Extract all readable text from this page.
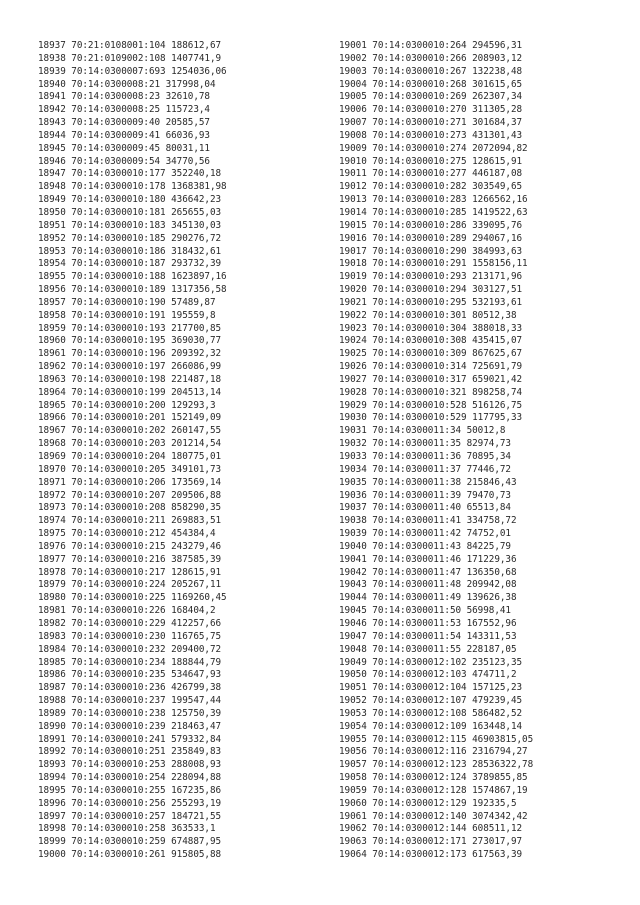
18937 70:21:0108001:104 188612,67
18938 70:21:0109002:108 1407741,9
18939 70:14:0300007:693 1254036,06
18940 70:14:0300008:21 317998,04
18941 70:14:0300008:23 32610,78
18942 70:14:0300008:25 115723,4
18943 70:14:0300009:40 20585,57
18944 70:14:0300009:41 66036,93
18945 70:14:0300009:45 80031,11
18946 70:14:0300009:54 34770,56
18947 70:14:0300010:177 352240,18
18948 70:14:0300010:178 1368381,98
18949 70:14:0300010:180 436642,23
18950 70:14:0300010:181 265655,03
18951 70:14:0300010:183 345130,03
18952 70:14:0300010:185 290276,72
18953 70:14:0300010:186 318432,61
18954 70:14:0300010:187 293732,39
18955 70:14:0300010:188 1623897,16
18956 70:14:0300010:189 1317356,58
18957 70:14:0300010:190 57489,87
18958 70:14:0300010:191 195559,8
18959 70:14:0300010:193 217700,85
18960 70:14:0300010:195 369030,77
18961 70:14:0300010:196 209392,32
18962 70:14:0300010:197 266086,99
18963 70:14:0300010:198 221487,18
18964 70:14:0300010:199 204513,14
18965 70:14:0300010:200 129293,3
18966 70:14:0300010:201 152149,09
18967 70:14:0300010:202 260147,55
18968 70:14:0300010:203 201214,54
18969 70:14:0300010:204 180775,01
18970 70:14:0300010:205 349101,73
18971 70:14:0300010:206 173569,14
18972 70:14:0300010:207 209506,88
18973 70:14:0300010:208 858290,35
18974 70:14:0300010:211 269883,51
18975 70:14:0300010:212 454384,4
18976 70:14:0300010:215 243279,46
18977 70:14:0300010:216 387585,39
18978 70:14:0300010:217 128615,91
18979 70:14:0300010:224 205267,11
18980 70:14:0300010:225 1169260,45
18981 70:14:0300010:226 168404,2
18982 70:14:0300010:229 412257,66
18983 70:14:0300010:230 116765,75
18984 70:14:0300010:232 209400,72
18985 70:14:0300010:234 188844,79
18986 70:14:0300010:235 534647,93
18987 70:14:0300010:236 426799,38
18988 70:14:0300010:237 199547,44
18989 70:14:0300010:238 125750,39
18990 70:14:0300010:239 218463,47
18991 70:14:0300010:241 579332,84
18992 70:14:0300010:251 235849,83
18993 70:14:0300010:253 288008,93
18994 70:14:0300010:254 228094,88
18995 70:14:0300010:255 167235,86
18996 70:14:0300010:256 255293,19
18997 70:14:0300010:257 184721,55
18998 70:14:0300010:258 363533,1
18999 70:14:0300010:259 674887,95
19000 70:14:0300010:261 915805,88
19001 70:14:0300010:264 294596,31
19002 70:14:0300010:266 208903,12
19003 70:14:0300010:267 132238,48
19004 70:14:0300010:268 301615,65
19005 70:14:0300010:269 262307,34
19006 70:14:0300010:270 311305,28
19007 70:14:0300010:271 301684,37
19008 70:14:0300010:273 431301,43
19009 70:14:0300010:274 2072094,82
19010 70:14:0300010:275 128615,91
19011 70:14:0300010:277 446187,08
19012 70:14:0300010:282 303549,65
19013 70:14:0300010:283 1266562,16
19014 70:14:0300010:285 1419522,63
19015 70:14:0300010:286 339095,76
19016 70:14:0300010:289 294067,16
19017 70:14:0300010:290 384993,63
19018 70:14:0300010:291 1558156,11
19019 70:14:0300010:293 213171,96
19020 70:14:0300010:294 303127,51
19021 70:14:0300010:295 532193,61
19022 70:14:0300010:301 80512,38
19023 70:14:0300010:304 388018,33
19024 70:14:0300010:308 435415,07
19025 70:14:0300010:309 867625,67
19026 70:14:0300010:314 725691,79
19027 70:14:0300010:317 659021,42
19028 70:14:0300010:321 898258,74
19029 70:14:0300010:528 516126,75
19030 70:14:0300010:529 117795,33
19031 70:14:0300011:34 50012,8
19032 70:14:0300011:35 82974,73
19033 70:14:0300011:36 70895,34
19034 70:14:0300011:37 77446,72
19035 70:14:0300011:38 215846,43
19036 70:14:0300011:39 79470,73
19037 70:14:0300011:40 65513,84
19038 70:14:0300011:41 334758,72
19039 70:14:0300011:42 74752,01
19040 70:14:0300011:43 84225,79
19041 70:14:0300011:46 171229,36
19042 70:14:0300011:47 136350,68
19043 70:14:0300011:48 209942,08
19044 70:14:0300011:49 139626,38
19045 70:14:0300011:50 56998,41
19046 70:14:0300011:53 167552,96
19047 70:14:0300011:54 143311,53
19048 70:14:0300011:55 228187,05
19049 70:14:0300012:102 235123,35
19050 70:14:0300012:103 474711,2
19051 70:14:0300012:104 157125,23
19052 70:14:0300012:107 479239,45
19053 70:14:0300012:108 586482,52
19054 70:14:0300012:109 163448,14
19055 70:14:0300012:115 46903815,05
19056 70:14:0300012:116 2316794,27
19057 70:14:0300012:123 28536322,78
19058 70:14:0300012:124 3789855,85
19059 70:14:0300012:128 1574867,19
19060 70:14:0300012:129 192335,5
19061 70:14:0300012:140 3074342,42
19062 70:14:0300012:144 608511,12
19063 70:14:0300012:171 273017,97
19064 70:14:0300012:173 617563,39
